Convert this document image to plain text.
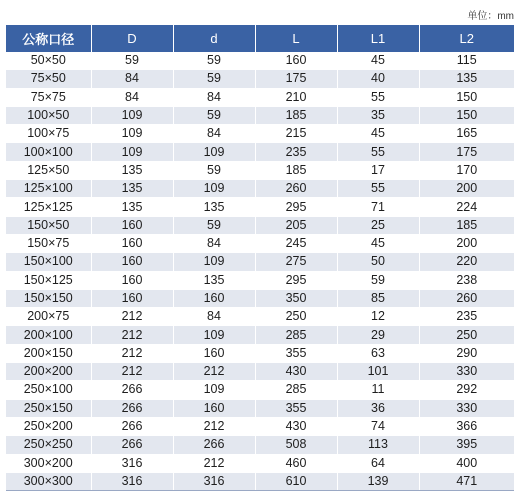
单位：mm
公称口径	D	d	L	L1	L2
50×50	59	59	160	45	115
75×50	84	59	175	40	135
75×75	84	84	210	55	150
100×50	109	59	185	35	150
100×75	109	84	215	45	165
100×100	109	109	235	55	175
125×50	135	59	185	17	170
125×100	135	109	260	55	200
125×125	135	135	295	71	224
150×50	160	59	205	25	185
150×75	160	84	245	45	200
150×100	160	109	275	50	220
150×125	160	135	295	59	238
150×150	160	160	350	85	260
200×75	212	84	250	12	235
200×100	212	109	285	29	250
200×150	212	160	355	63	290
200×200	212	212	430	101	330
250×100	266	109	285	11	292
250×150	266	160	355	36	330
250×200	266	212	430	74	366
250×250	266	266	508	113	395
300×200	316	212	460	64	400
300×300	316	316	610	139	471
